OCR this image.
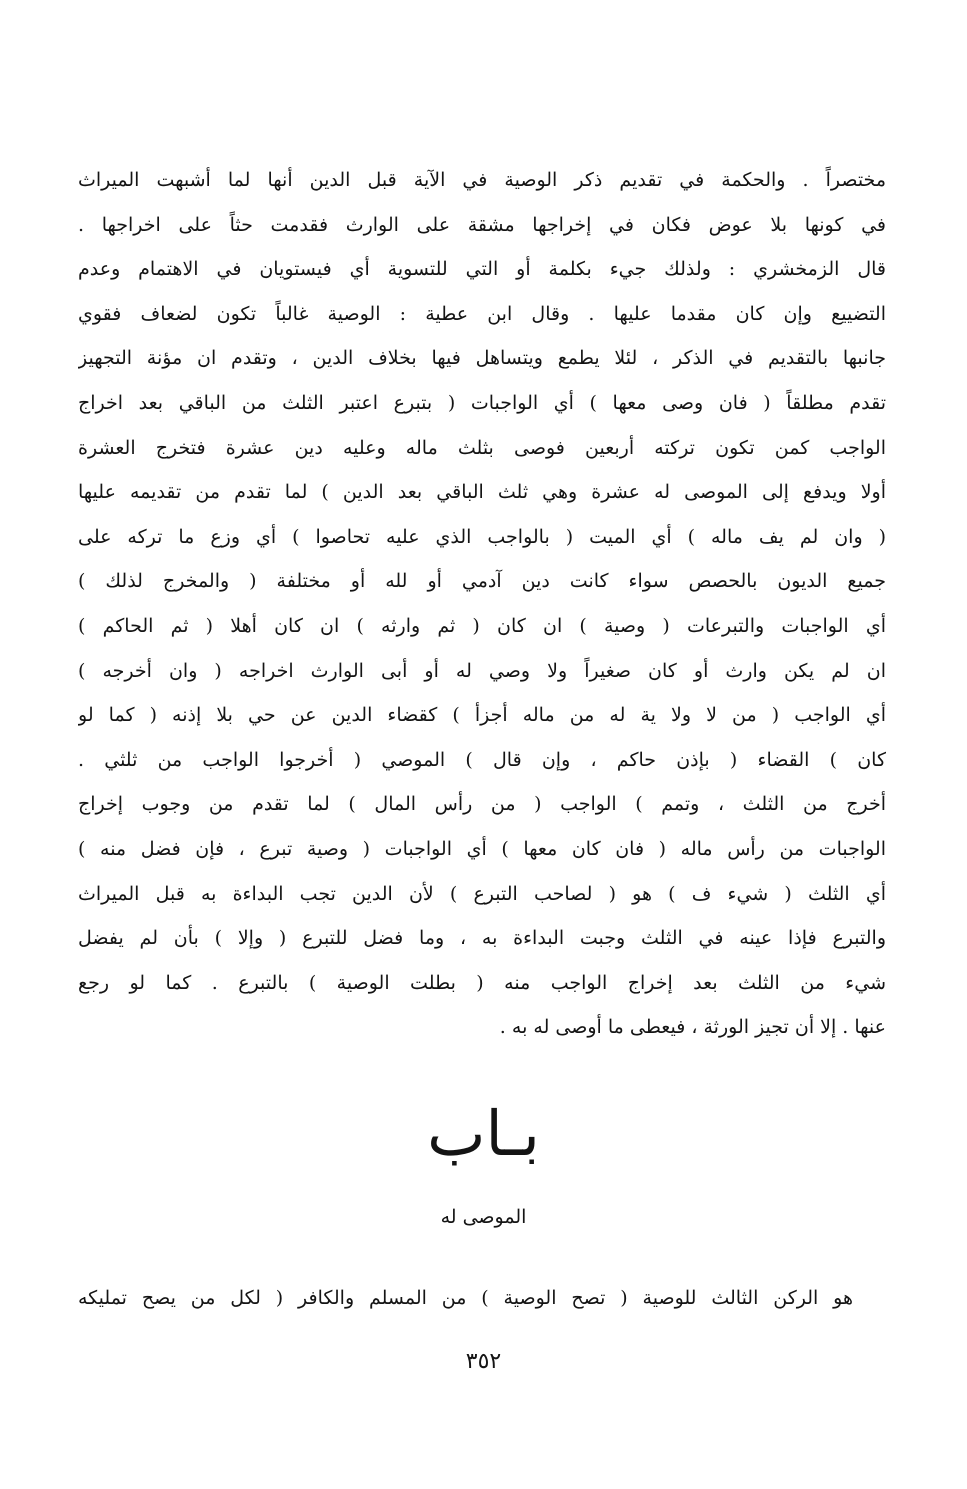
مختصراً . والحكمة في تقديم ذكر الوصية في الآية قبل الدين أنها لما أشبهت الميراث
في كونها بلا عوض فكان في إخراجها مشقة على الوارث فقدمت حثاً على اخراجها .
قال الزمخشري : ولذلك جيء بكلمة أو التي للتسوية أي فيستويان في الاهتمام وعدم
التضييع وإن كان مقدما عليها . وقال ابن عطية : الوصية غالباً تكون لضعاف فقوي
جانبها بالتقديم في الذكر ، لئلا يطمع ويتساهل فيها بخلاف الدين ، وتقدم ان مؤنة التجهيز
تقدم مطلقاً ( فان وصى معها ) أي الواجبات ( بتبرع اعتبر الثلث من الباقي بعد اخراج
الواجب كمن تكون تركته أربعين فوصى بثلث ماله وعليه دين عشرة فتخرج العشرة
أولا ويدفع إلى الموصى له عشرة وهي ثلث الباقي بعد الدين ) لما تقدم من تقديمه عليها
( وان لم يف ماله ) أي الميت ( بالواجب الذي عليه تحاصوا ) أي وزع ما تركه على
جميع الديون بالحصص سواء كانت دين آدمي أو لله أو مختلفة ( والمخرج لذلك )
أي الواجبات والتبرعات ( وصية ) ان كان ( ثم وارثه ) ان كان أهلا ( ثم الحاكم )
ان لم يكن وارث أو كان صغيراً ولا وصي له أو أبى الوارث اخراجه ( وان أخرجه )
أي الواجب ( من لا ولا ية له من ماله أجزأ ) كقضاء الدين عن حي بلا إذنه ( كما لو
كان ) القضاء ( بإذن حاكم ، وإن قال ) الموصي ( أخرجوا الواجب من ثلثي .
أخرج من الثلث ، وتمم ) الواجب ( من رأس المال ) لما تقدم من وجوب إخراج
الواجبات من رأس ماله ( فان كان معها ) أي الواجبات ( وصية تبرع ، فإن فضل منه )
أي الثلث ( شيء ف ) هو ( لصاحب التبرع ) لأن الدين تجب البداءة به قبل الميراث
والتبرع فإذا عينه في الثلث وجبت البداءة به ، وما فضل للتبرع ( وإلا ) بأن لم يفضل
شيء من الثلث بعد إخراج الواجب منه ( بطلت الوصية ) بالتبرع . كما لو رجع
عنها . إلا أن تجيز الورثة ، فيعطى ما أوصى له به .
بـاب
الموصى له
هو الركن الثالث للوصية ( تصح الوصية ) من المسلم والكافر ( لكل من يصح تمليكه
٣٥٢
